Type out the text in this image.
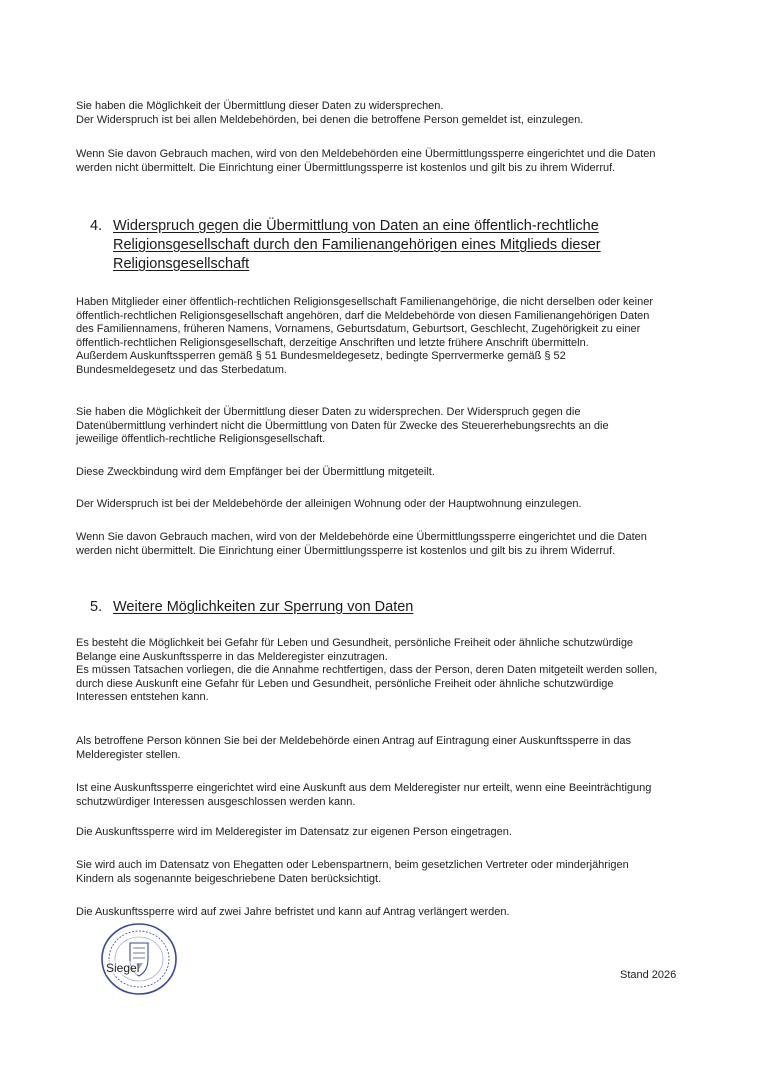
Sie haben die Möglichkeit der Übermittlung dieser Daten zu widersprechen.
Der Widerspruch ist bei allen Meldebehörden, bei denen die betroffene Person gemeldet ist, einzulegen.

Wenn Sie davon Gebrauch machen, wird von den Meldebehörden eine Übermittlungssperre eingerichtet und die Daten
werden nicht übermittelt. Die Einrichtung einer Übermittlungssperre ist kostenlos und gilt bis zu ihrem Widerruf.

4. Widerspruch gegen die Übermittlung von Daten an eine öffentlich-rechtliche
Religionsgesellschaft durch den Familienangehörigen eines Mitglieds dieser
Religionsgesellschaft

Haben Mitglieder einer öffentlich-rechtlichen Religionsgesellschaft Familienangehörige, die nicht derselben oder keiner
öffentlich-rechtlichen Religionsgesellschaft angehören, darf die Meldebehörde von diesen Familienangehörigen Daten
des Familiennamens, früheren Namens, Vornamens, Geburtsdatum, Geburtsort, Geschlecht, Zugehörigkeit zu einer
öffentlich-rechtlichen Religionsgesellschaft, derzeitige Anschriften und letzte frühere Anschrift übermitteln.
Außerdem Auskunftssperren gemäß § 51 Bundesmeldegesetz, bedingte Sperrvermerke gemäß § 52
Bundesmeldegesetz und das Sterbedatum.

Sie haben die Möglichkeit der Übermittlung dieser Daten zu widersprechen. Der Widerspruch gegen die
Datenübermittlung verhindert nicht die Übermittlung von Daten für Zwecke des Steuererhebungsrechts an die
jeweilige öffentlich-rechtliche Religionsgesellschaft.

Diese Zweckbindung wird dem Empfänger bei der Übermittlung mitgeteilt.

Der Widerspruch ist bei der Meldebehörde der alleinigen Wohnung oder der Hauptwohnung einzulegen.

Wenn Sie davon Gebrauch machen, wird von der Meldebehörde eine Übermittlungssperre eingerichtet und die Daten
werden nicht übermittelt. Die Einrichtung einer Übermittlungssperre ist kostenlos und gilt bis zu ihrem Widerruf.

5. Weitere Möglichkeiten zur Sperrung von Daten

Es besteht die Möglichkeit bei Gefahr für Leben und Gesundheit, persönliche Freiheit oder ähnliche schutzwürdige
Belange eine Auskunftssperre in das Melderegister einzutragen.
Es müssen Tatsachen vorliegen, die die Annahme rechtfertigen, dass der Person, deren Daten mitgeteilt werden sollen,
durch diese Auskunft eine Gefahr für Leben und Gesundheit, persönliche Freiheit oder ähnliche schutzwürdige
Interessen entstehen kann.

Als betroffene Person können Sie bei der Meldebehörde einen Antrag auf Eintragung einer Auskunftssperre in das
Melderegister stellen.

Ist eine Auskunftssperre eingerichtet wird eine Auskunft aus dem Melderegister nur erteilt, wenn eine Beeinträchtigung
schutzwürdiger Interessen ausgeschlossen werden kann.

Die Auskunftssperre wird im Melderegister im Datensatz zur eigenen Person eingetragen.

Sie wird auch im Datensatz von Ehegatten oder Lebenspartnern, beim gesetzlichen Vertreter oder minderjährigen
Kindern als sogenannte beigeschriebene Daten berücksichtigt.

Die Auskunftssperre wird auf zwei Jahre befristet und kann auf Antrag verlängert werden.

Siegel	Stand 2026
